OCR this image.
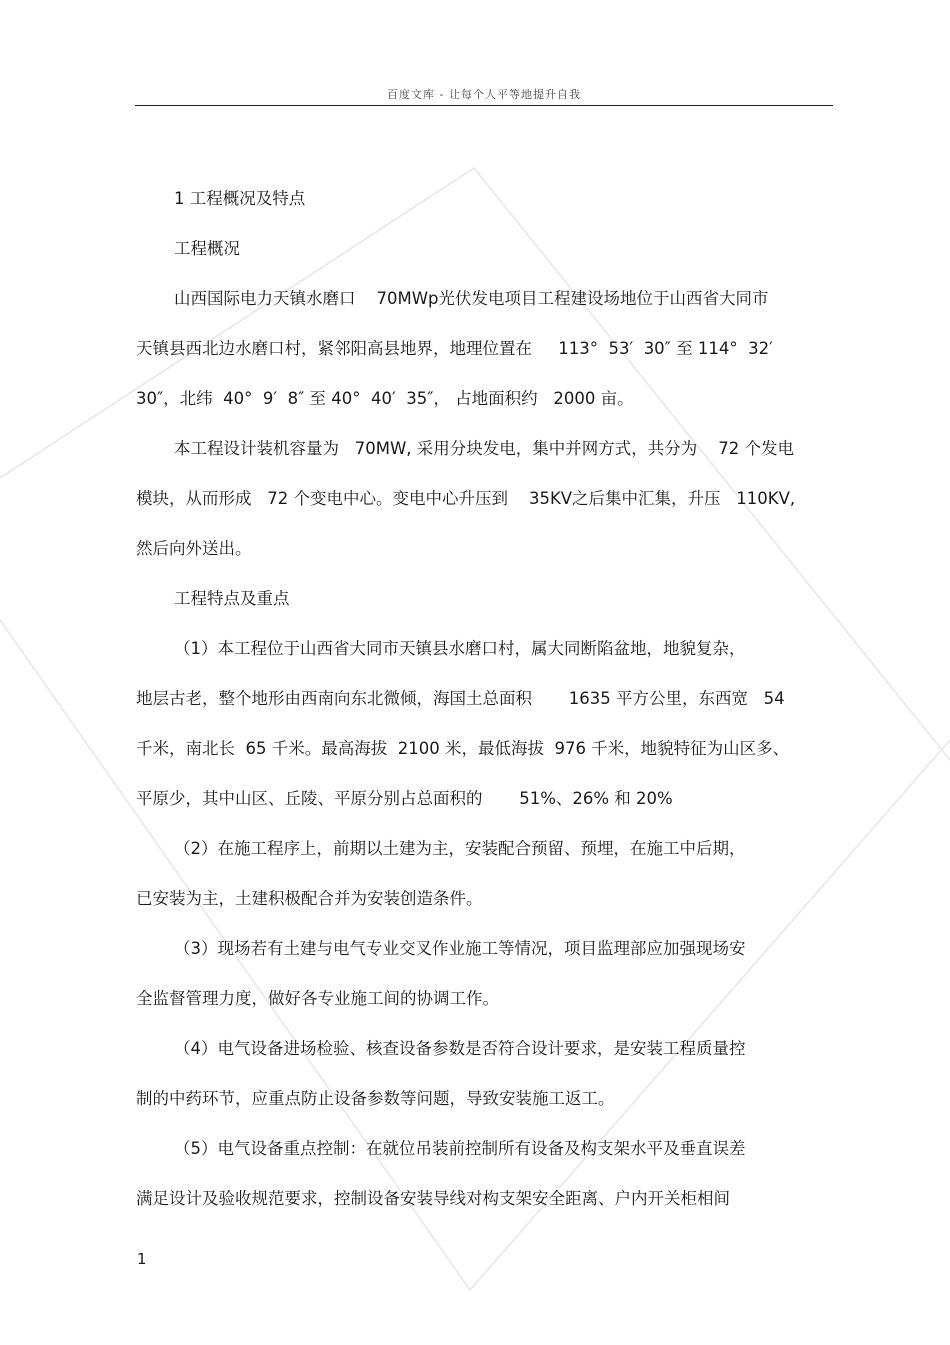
百度文库 - 让每个人平等地提升自我
1 工程概况及特点
工程概况
山西国际电力天镇水磨口    70MWp光伏发电项目工程建设场地位于山西省大同市
天镇县西北边水磨口村，紧邻阳高县地界，地理位置在     113°  53′  30″ 至 114°  32′
30″，北纬  40°  9′  8″ 至 40°  40′  35″， 占地面积约   2000 亩。
本工程设计装机容量为   70MW, 采用分块发电，集中并网方式，共分为    72 个发电
模块，从而形成   72 个变电中心。变电中心升压到    35KV之后集中汇集，升压   110KV,
然后向外送出。
工程特点及重点
（1）本工程位于山西省大同市天镇县水磨口村，属大同断陷盆地，地貌复杂，
地层古老，整个地形由西南向东北微倾，海国土总面积       1635 平方公里，东西宽   54
千米，南北长  65 千米。最高海拔  2100 米，最低海拔  976 千米，地貌特征为山区多、
平原少，其中山区、丘陵、平原分别占总面积的       51%、26% 和 20%
（2）在施工程序上，前期以土建为主，安装配合预留、预埋，在施工中后期，
已安装为主，土建积极配合并为安装创造条件。
（3）现场若有土建与电气专业交叉作业施工等情况，项目监理部应加强现场安
全监督管理力度，做好各专业施工间的协调工作。
（4）电气设备进场检验、核查设备参数是否符合设计要求，是安装工程质量控
制的中药环节，应重点防止设备参数等问题，导致安装施工返工。
（5）电气设备重点控制：在就位吊装前控制所有设备及构支架水平及垂直误差
满足设计及验收规范要求，控制设备安装导线对构支架安全距离、户内开关柜相间
1
